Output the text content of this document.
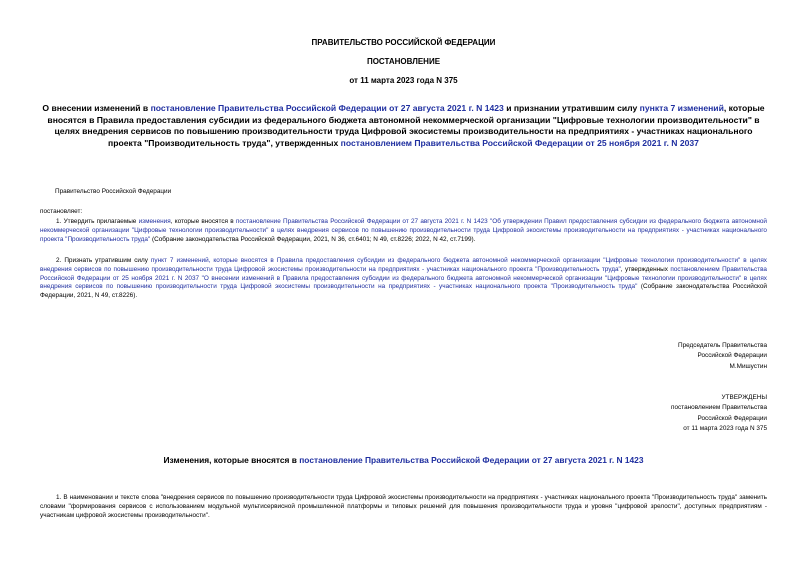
ПРАВИТЕЛЬСТВО РОССИЙСКОЙ ФЕДЕРАЦИИ
ПОСТАНОВЛЕНИЕ
от 11 марта 2023 года N 375
О внесении изменений в постановление Правительства Российской Федерации от 27 августа 2021 г. N 1423 и признании утратившим силу пункта 7 изменений, которые вносятся в Правила предоставления субсидии из федерального бюджета автономной некоммерческой организации "Цифровые технологии производительности" в целях внедрения сервисов по повышению производительности труда Цифровой экосистемы производительности на предприятиях - участниках национального проекта "Производительность труда", утвержденных постановлением Правительства Российской Федерации от 25 ноября 2021 г. N 2037
Правительство Российской Федерации
постановляет:
1. Утвердить прилагаемые изменения, которые вносятся в постановление Правительства Российской Федерации от 27 августа 2021 г. N 1423 "Об утверждении Правил предоставления субсидии из федерального бюджета автономной некоммерческой организации "Цифровые технологии производительности" в целях внедрения сервисов по повышению производительности труда Цифровой экосистемы производительности на предприятиях - участниках национального проекта "Производительность труда" (Собрание законодательства Российской Федерации, 2021, N 36, ст.6401; N 49, ст.8226; 2022, N 42, ст.7199).
2. Признать утратившим силу пункт 7 изменений, которые вносятся в Правила предоставления субсидии из федерального бюджета автономной некоммерческой организации "Цифровые технологии производительности" в целях внедрения сервисов по повышению производительности труда Цифровой экосистемы производительности на предприятиях - участниках национального проекта "Производительность труда", утвержденных постановлением Правительства Российской Федерации от 25 ноября 2021 г. N 2037 "О внесении изменений в Правила предоставления субсидии из федерального бюджета автономной некоммерческой организации "Цифровые технологии производительности" в целях внедрения сервисов по повышению производительности труда Цифровой экосистемы производительности на предприятиях - участниках национального проекта "Производительность труда" (Собрание законодательства Российской Федерации, 2021, N 49, ст.8226).
Председатель Правительства
Российской Федерации
М.Мишустин
УТВЕРЖДЕНЫ
постановлением Правительства
Российской Федерации
от 11 марта 2023 года N 375
Изменения, которые вносятся в постановление Правительства Российской Федерации от 27 августа 2021 г. N 1423
1. В наименовании и тексте слова "внедрения сервисов по повышению производительности труда Цифровой экосистемы производительности на предприятиях - участниках национального проекта "Производительность труда" заменить словами "формирования сервисов с использованием модульной мультисервисной промышленной платформы и типовых решений для повышения производительности труда и уровня "цифровой зрелости", доступных предприятиям - участникам цифровой экосистемы производительности".
